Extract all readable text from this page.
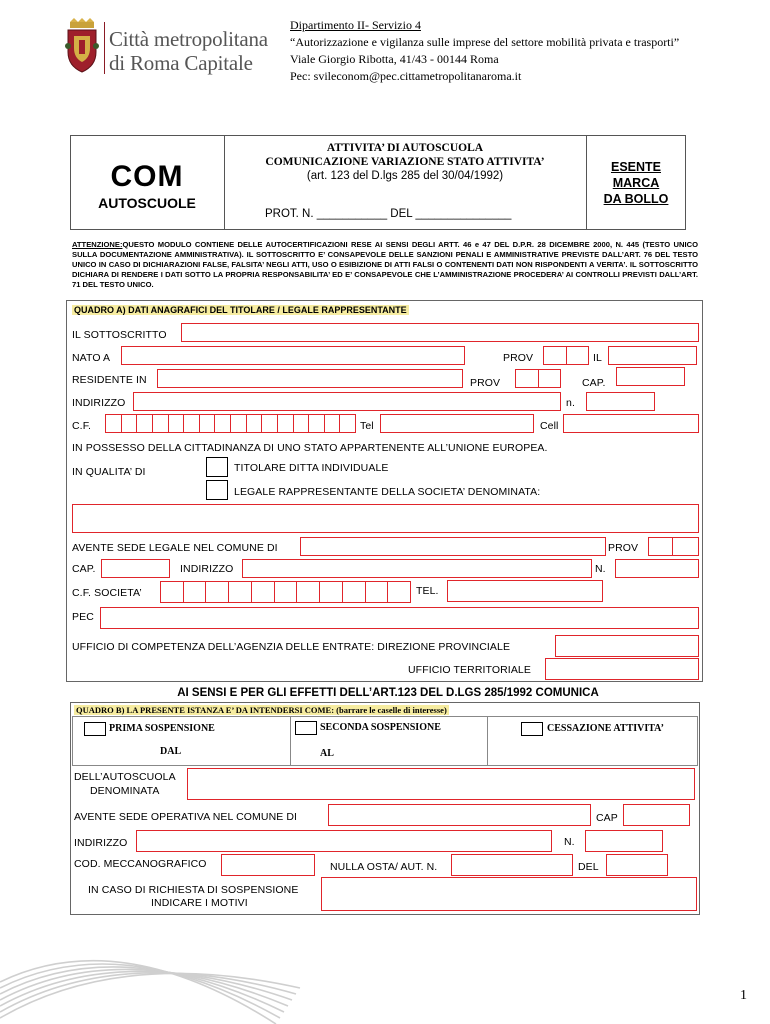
Città metropolitana
di Roma Capitale
Dipartimento II- Servizio 4
“Autorizzazione e vigilanza sulle imprese del settore mobilità privata e trasporti”
Viale Giorgio Ribotta, 41/43 - 00144 Roma
Pec: svileconom@pec.cittametropolitanaroma.it
COM
AUTOSCUOLE
ATTIVITA’ DI AUTOSCUOLA
COMUNICAZIONE VARIAZIONE STATO ATTIVITA’
(art. 123 del D.lgs 285 del 30/04/1992)
PROT. N. ___________ DEL _______________
ESENTE
MARCA
DA BOLLO
ATTENZIONE:QUESTO MODULO CONTIENE DELLE AUTOCERTIFICAZIONI RESE AI SENSI DEGLI ARTT. 46 e 47 DEL D.P.R. 28 DICEMBRE 2000, N. 445 (TESTO UNICO SULLA DOCUMENTAZIONE AMMINISTRATIVA). IL SOTTOSCRITTO E’ CONSAPEVOLE DELLE SANZIONI PENALI E AMMINISTRATIVE PREVISTE DALL’ART. 76 DEL TESTO UNICO IN CASO DI DICHIARAZIONI FALSE, FALSITA’ NEGLI ATTI, USO O ESIBIZIONE DI ATTI FALSI O CONTENENTI DATI NON RISPONDENTI A VERITA’. IL SOTTOSCRITTO DICHIARA DI RENDERE I DATI SOTTO LA PROPRIA RESPONSABILITA’ ED E’ CONSAPEVOLE CHE L’AMMINISTRAZIONE PROCEDERA’ AI CONTROLLI PREVISTI DALL’ART. 71 DEL TESTO UNICO.
QUADRO A) DATI ANAGRAFICI DEL TITOLARE / LEGALE RAPPRESENTANTE
IL SOTTOSCRITTO
NATO A	PROV	IL
RESIDENTE IN	PROV	CAP.
INDIRIZZO	n.
C.F.	Tel	Cell
IN POSSESSO DELLA CITTADINANZA DI UNO STATO APPARTENENTE ALL’UNIONE EUROPEA.
IN QUALITA’ DI	TITOLARE DITTA INDIVIDUALE
LEGALE RAPPRESENTANTE DELLA SOCIETA’ DENOMINATA:
AVENTE SEDE LEGALE NEL COMUNE DI	PROV
CAP.	INDIRIZZO	N.
C.F. SOCIETA’	TEL.
PEC
UFFICIO DI COMPETENZA DELL’AGENZIA DELLE ENTRATE: DIREZIONE PROVINCIALE
UFFICIO TERRITORIALE
AI SENSI E PER GLI EFFETTI DELL’ART.123 DEL D.LGS 285/1992 COMUNICA
QUADRO B) LA PRESENTE ISTANZA E’ DA INTENDERSI COME: (barrare le caselle di interesse)
PRIMA SOSPENSIONE	SECONDA SOSPENSIONE	CESSAZIONE ATTIVITA’
DAL	AL
DELL’AUTOSCUOLA
DENOMINATA
AVENTE SEDE OPERATIVA NEL COMUNE DI	CAP
INDIRIZZO	N.
COD. MECCANOGRAFICO	NULLA OSTA/ AUT. N.	DEL
IN CASO DI RICHIESTA DI SOSPENSIONE
INDICARE I MOTIVI
1
